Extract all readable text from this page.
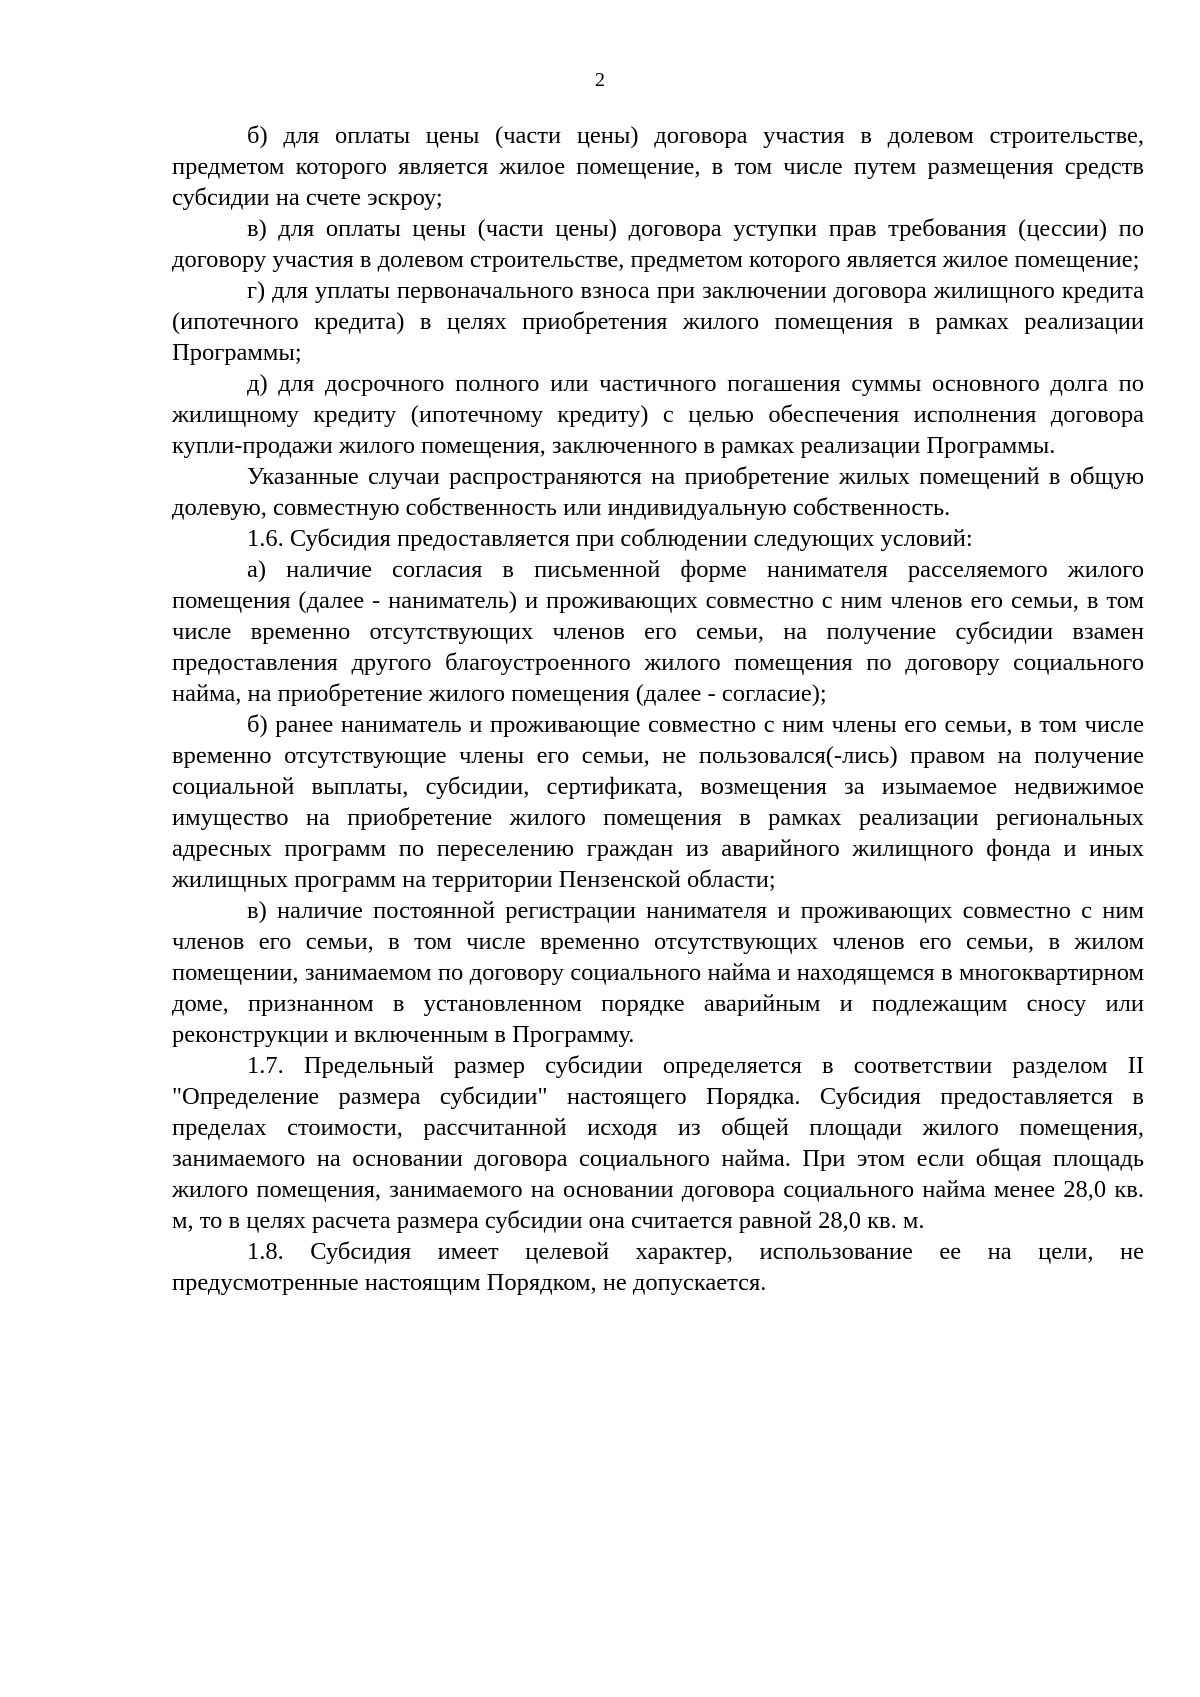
2

б) для оплаты цены (части цены) договора участия в долевом строительстве, предметом которого является жилое помещение, в том числе путем размещения средств субсидии на счете эскроу;

в) для оплаты цены (части цены) договора уступки прав требования (цессии) по договору участия в долевом строительстве, предметом которого является жилое помещение;

г) для уплаты первоначального взноса при заключении договора жилищного кредита (ипотечного кредита) в целях приобретения жилого помещения в рамках реализации Программы;

д) для досрочного полного или частичного погашения суммы основного долга по жилищному кредиту (ипотечному кредиту) с целью обеспечения исполнения договора купли-продажи жилого помещения, заключенного в рамках реализации Программы.

Указанные случаи распространяются на приобретение жилых помещений в общую долевую, совместную собственность или индивидуальную собственность.

1.6. Субсидия предоставляется при соблюдении следующих условий:

а) наличие согласия в письменной форме нанимателя расселяемого жилого помещения (далее - наниматель) и проживающих совместно с ним членов его семьи, в том числе временно отсутствующих членов его семьи, на получение субсидии взамен предоставления другого благоустроенного жилого помещения по договору социального найма, на приобретение жилого помещения (далее - согласие);

б) ранее наниматель и проживающие совместно с ним члены его семьи, в том числе временно отсутствующие члены его семьи, не пользовался(-лись) правом на получение социальной выплаты, субсидии, сертификата, возмещения за изымаемое недвижимое имущество на приобретение жилого помещения в рамках реализации региональных адресных программ по переселению граждан из аварийного жилищного фонда и иных жилищных программ на территории Пензенской области;

в) наличие постоянной регистрации нанимателя и проживающих совместно с ним членов его семьи, в том числе временно отсутствующих членов его семьи, в жилом помещении, занимаемом по договору социального найма и находящемся в многоквартирном доме, признанном в установленном порядке аварийным и подлежащим сносу или реконструкции и включенным в Программу.

1.7. Предельный размер субсидии определяется в соответствии разделом II "Определение размера субсидии" настоящего Порядка. Субсидия предоставляется в пределах стоимости, рассчитанной исходя из общей площади жилого помещения, занимаемого на основании договора социального найма. При этом если общая площадь жилого помещения, занимаемого на основании договора социального найма менее 28,0 кв. м, то в целях расчета размера субсидии она считается равной 28,0 кв. м.

1.8. Субсидия имеет целевой характер, использование ее на цели, не предусмотренные настоящим Порядком, не допускается.
